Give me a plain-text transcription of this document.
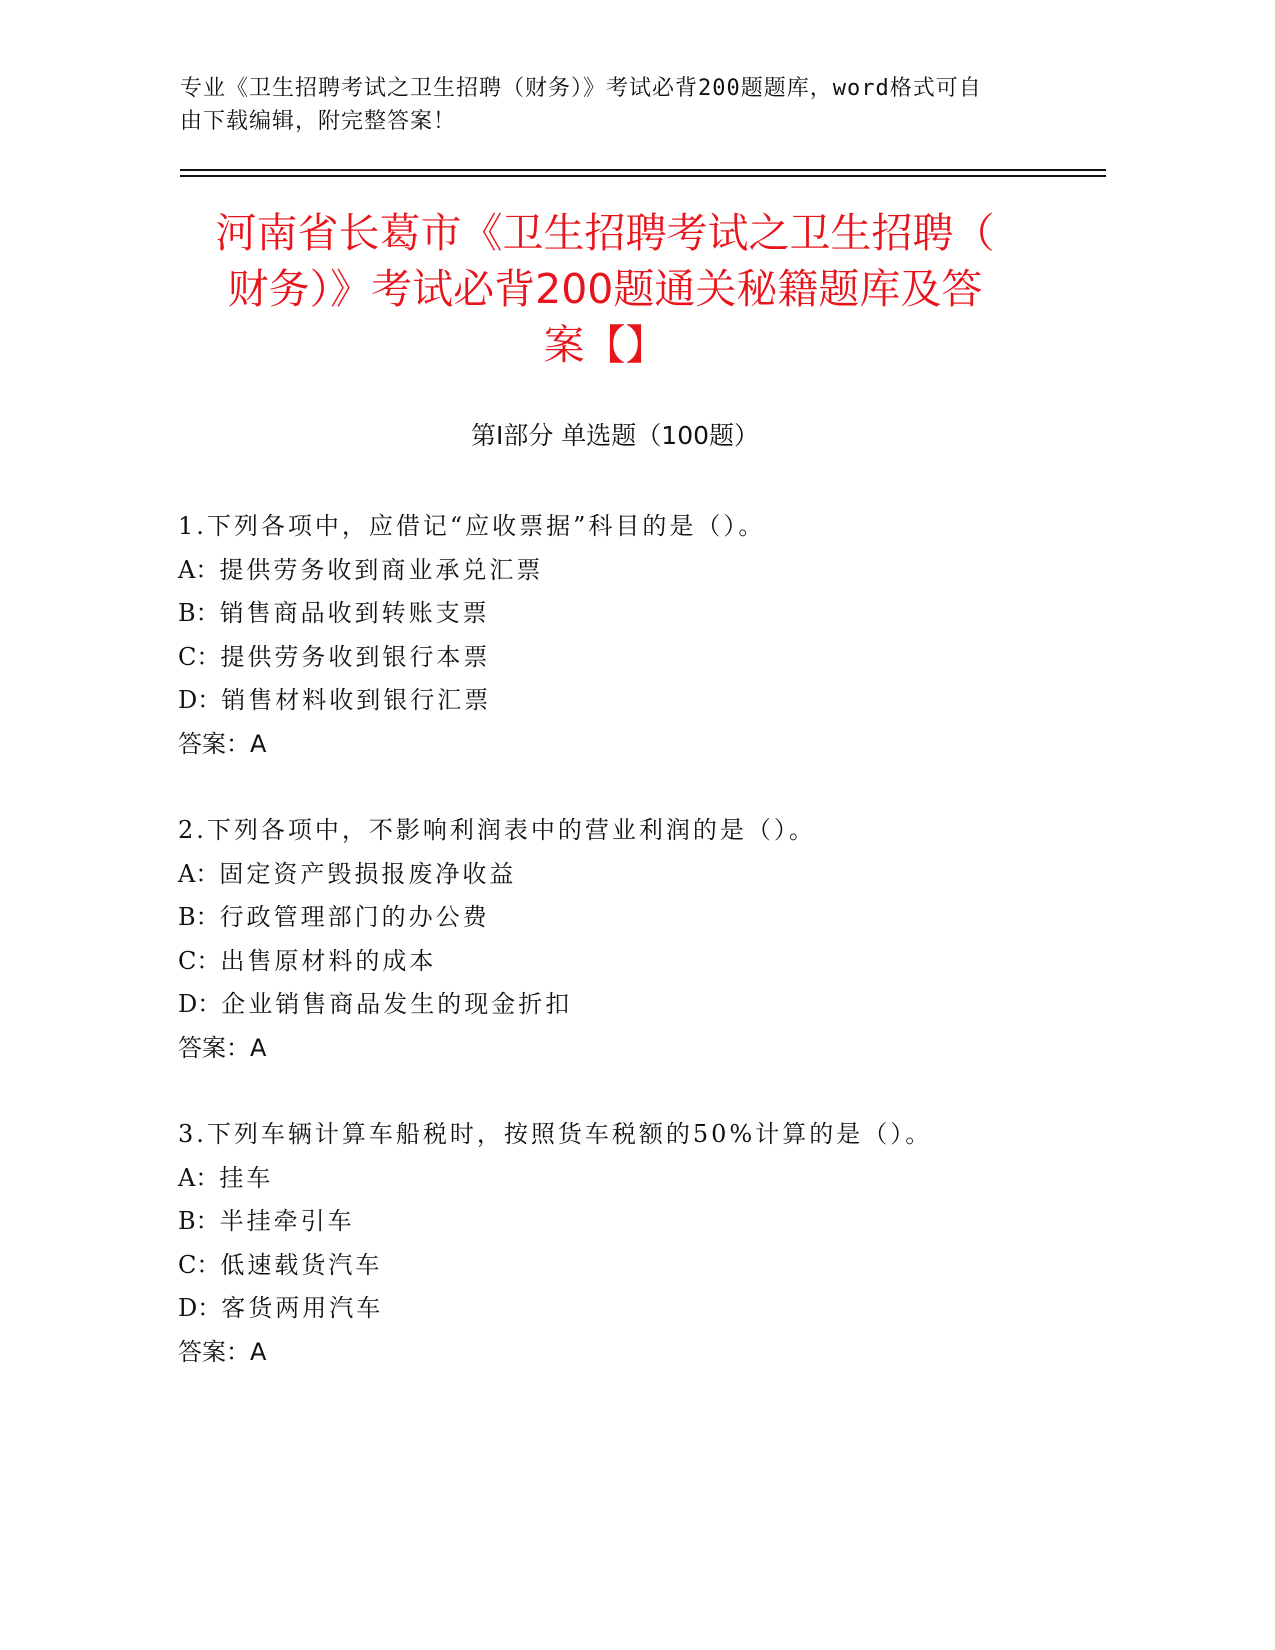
专业《卫生招聘考试之卫生招聘（财务）》考试必背200题题库，word格式可自
由下载编辑，附完整答案！
河南省长葛市《卫生招聘考试之卫生招聘（
财务）》考试必背200题通关秘籍题库及答
案【】
第I部分 单选题（100题）
1.下列各项中，应借记“应收票据”科目的是（）。
A：提供劳务收到商业承兑汇票
B：销售商品收到转账支票
C：提供劳务收到银行本票
D：销售材料收到银行汇票
答案：A
2.下列各项中，不影响利润表中的营业利润的是（）。
A：固定资产毁损报废净收益
B：行政管理部门的办公费
C：出售原材料的成本
D：企业销售商品发生的现金折扣
答案：A
3.下列车辆计算车船税时，按照货车税额的50%计算的是（）。
A：挂车
B：半挂牵引车
C：低速载货汽车
D：客货两用汽车
答案：A
